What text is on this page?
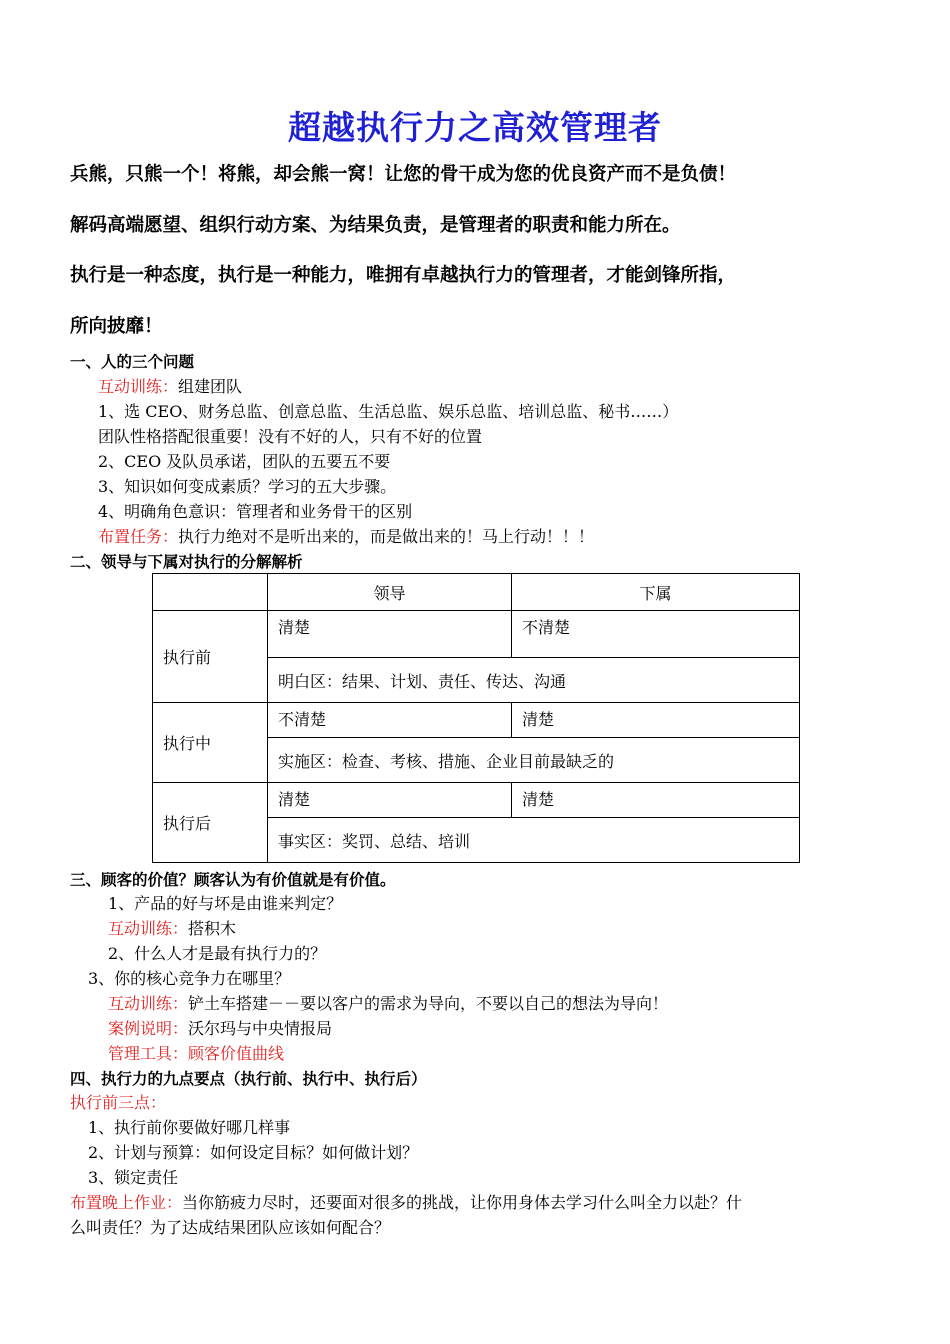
超越执行力之高效管理者
兵熊，只熊一个！将熊，却会熊一窝！让您的骨干成为您的优良资产而不是负债！
解码高端愿望、组织行动方案、为结果负责，是管理者的职责和能力所在。
执行是一种态度，执行是一种能力，唯拥有卓越执行力的管理者，才能剑锋所指，
所向披靡！
一、人的三个问题
互动训练：组建团队
1、选 CEO、财务总监、创意总监、生活总监、娱乐总监、培训总监、秘书……）
团队性格搭配很重要！没有不好的人，只有不好的位置
2、CEO 及队员承诺，团队的五要五不要
3、知识如何变成素质？学习的五大步骤。
4、明确角色意识：管理者和业务骨干的区别
布置任务：执行力绝对不是听出来的，而是做出来的！马上行动！！！
二、领导与下属对执行的分解解析
	领导	下属
执行前	清楚	不清楚
	明白区：结果、计划、责任、传达、沟通	
执行中	不清楚	清楚
	实施区：检查、考核、措施、企业目前最缺乏的	
执行后	清楚	清楚
	事实区：奖罚、总结、培训	
三、顾客的价值？顾客认为有价值就是有价值。
1、产品的好与坏是由谁来判定？
互动训练：搭积木
2、什么人才是最有执行力的？
3、你的核心竞争力在哪里？
互动训练：铲土车搭建－－要以客户的需求为导向，不要以自己的想法为导向！
案例说明：沃尔玛与中央情报局
管理工具：顾客价值曲线
四、执行力的九点要点（执行前、执行中、执行后）
执行前三点：
1、执行前你要做好哪几样事
2、计划与预算：如何设定目标？如何做计划？
3、锁定责任
布置晚上作业：当你筋疲力尽时，还要面对很多的挑战，让你用身体去学习什么叫全力以赴？什
么叫责任？为了达成结果团队应该如何配合？
